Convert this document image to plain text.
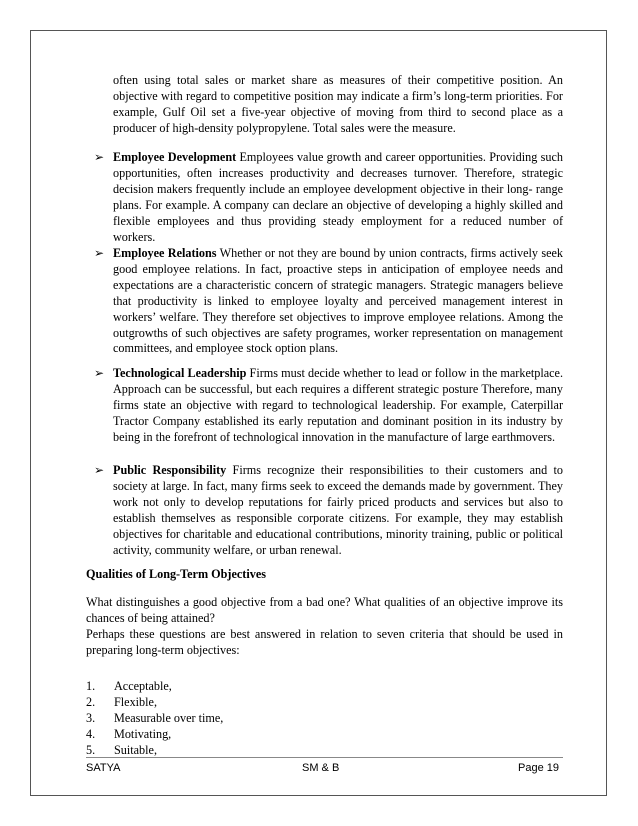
often using total sales or market share as measures of their competitive position. An objective with regard to competitive position may indicate a firm’s long-term priorities. For example, Gulf Oil set a five-year objective of moving from third to second place as a producer of high-density polypropylene. Total sales were the measure.

➢ Employee Development Employees value growth and career opportunities. Providing such opportunities, often increases productivity and decreases turnover. Therefore, strategic decision makers frequently include an employee development objective in their long- range plans. For example. A company can declare an objective of developing a highly skilled and flexible employees and thus providing steady employment for a reduced number of workers.

➢ Employee Relations Whether or not they are bound by union contracts, firms actively seek good employee relations. In fact, proactive steps in anticipation of employee needs and expectations are a characteristic concern of strategic managers. Strategic managers believe that productivity is linked to employee loyalty and perceived management interest in workers’ welfare. They therefore set objectives to improve employee relations. Among the outgrowths of such objectives are safety programes, worker representation on management committees, and employee stock option plans.

➢ Technological Leadership Firms must decide whether to lead or follow in the marketplace. Approach can be successful, but each requires a different strategic posture Therefore, many firms state an objective with regard to technological leadership. For example, Caterpillar Tractor Company established its early reputation and dominant position in its industry by being in the forefront of technological innovation in the manufacture of large earthmovers.

➢ Public Responsibility Firms recognize their responsibilities to their customers and to society at large. In fact, many firms seek to exceed the demands made by government. They work not only to develop reputations for fairly priced products and services but also to establish themselves as responsible corporate citizens. For example, they may establish objectives for charitable and educational contributions, minority training, public or political activity, community welfare, or urban renewal.

Qualities of Long-Term Objectives

What distinguishes a good objective from a bad one? What qualities of an objective improve its chances of being attained?

Perhaps these questions are best answered in relation to seven criteria that should be used in preparing long-term objectives:

1.	Acceptable,
2.	Flexible,
3.	Measurable over time,
4.	Motivating,
5.	Suitable,
SATYA	SM & B	Page 19
